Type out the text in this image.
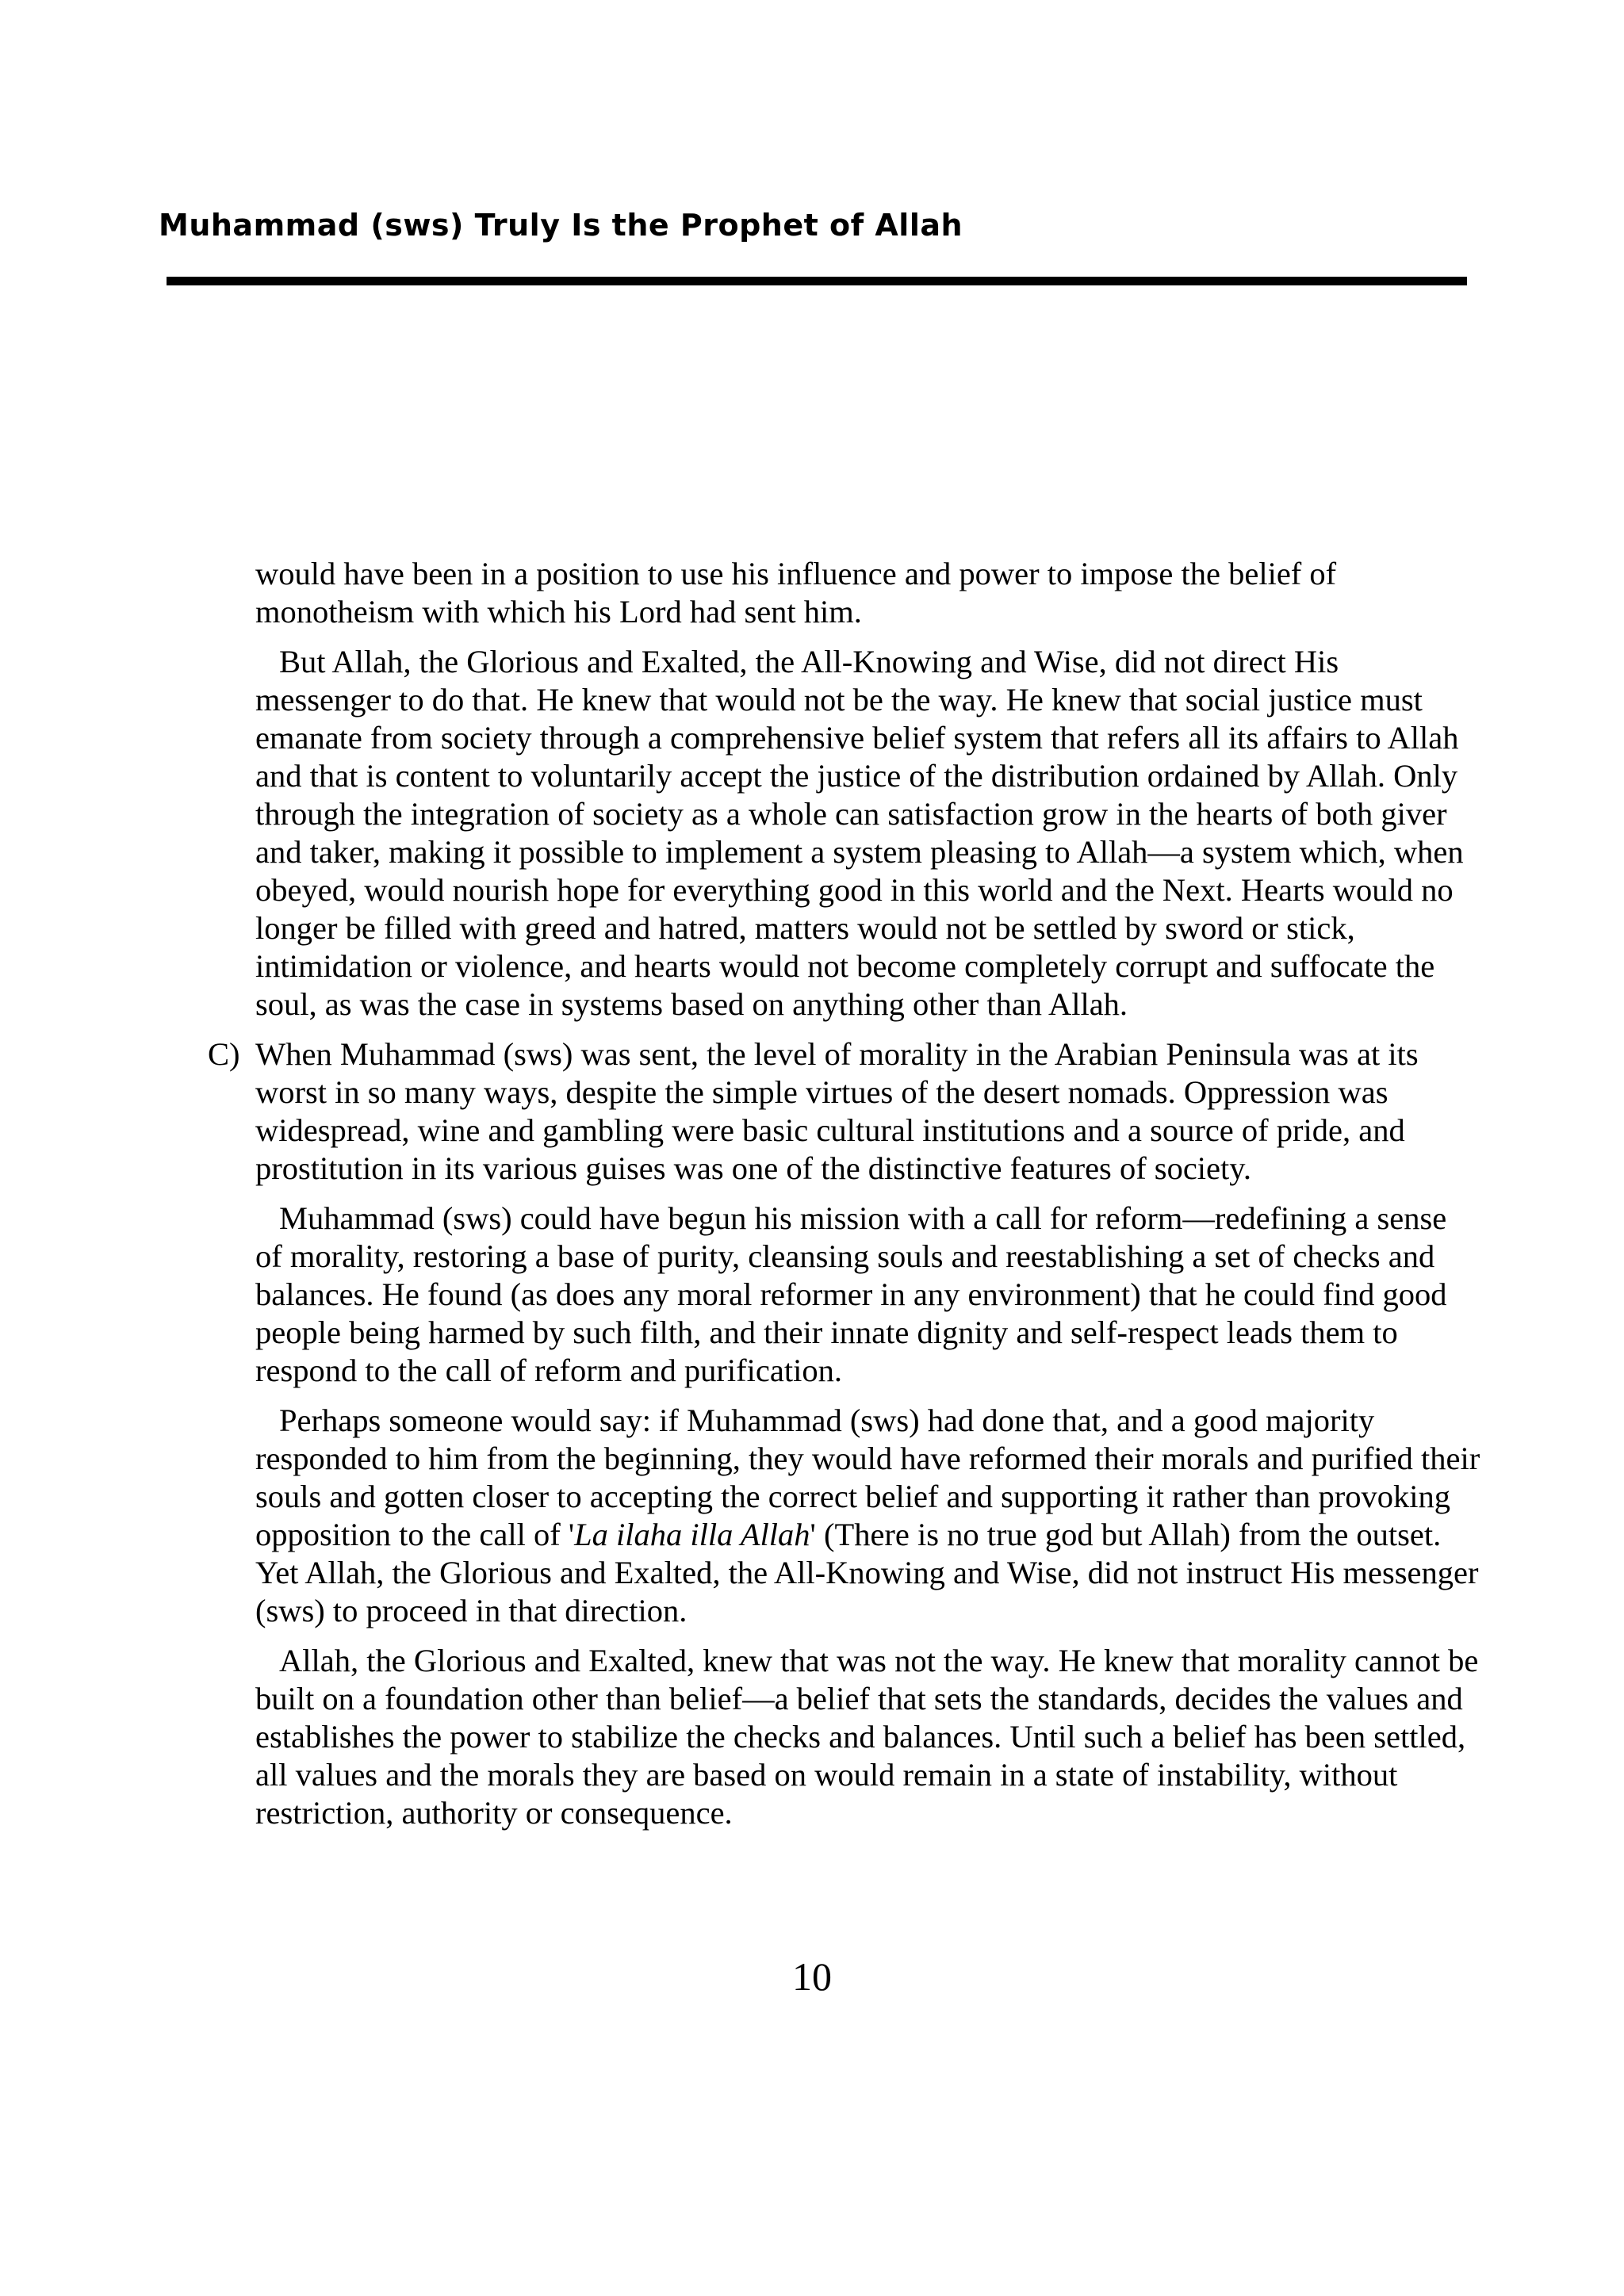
Muhammad (sws) Truly Is the Prophet of Allah

would have been in a position to use his influence and power to impose the belief of monotheism with which his Lord had sent him.

But Allah, the Glorious and Exalted, the All-Knowing and Wise, did not direct His messenger to do that. He knew that would not be the way. He knew that social justice must emanate from society through a comprehensive belief system that refers all its affairs to Allah and that is content to voluntarily accept the justice of the distribution ordained by Allah. Only through the integration of society as a whole can satisfaction grow in the hearts of both giver and taker, making it possible to implement a system pleasing to Allah—a system which, when obeyed, would nourish hope for everything good in this world and the Next. Hearts would no longer be filled with greed and hatred, matters would not be settled by sword or stick, intimidation or violence, and hearts would not become completely corrupt and suffocate the soul, as was the case in systems based on anything other than Allah.

C) When Muhammad (sws) was sent, the level of morality in the Arabian Peninsula was at its worst in so many ways, despite the simple virtues of the desert nomads. Oppression was widespread, wine and gambling were basic cultural institutions and a source of pride, and prostitution in its various guises was one of the distinctive features of society.

Muhammad (sws) could have begun his mission with a call for reform—redefining a sense of morality, restoring a base of purity, cleansing souls and reestablishing a set of checks and balances. He found (as does any moral reformer in any environment) that he could find good people being harmed by such filth, and their innate dignity and self-respect leads them to respond to the call of reform and purification.

Perhaps someone would say: if Muhammad (sws) had done that, and a good majority responded to him from the beginning, they would have reformed their morals and purified their souls and gotten closer to accepting the correct belief and supporting it rather than provoking opposition to the call of 'La ilaha illa Allah' (There is no true god but Allah) from the outset. Yet Allah, the Glorious and Exalted, the All-Knowing and Wise, did not instruct His messenger (sws) to proceed in that direction.

Allah, the Glorious and Exalted, knew that was not the way. He knew that morality cannot be built on a foundation other than belief—a belief that sets the standards, decides the values and establishes the power to stabilize the checks and balances. Until such a belief has been settled, all values and the morals they are based on would remain in a state of instability, without restriction, authority or consequence.

10
